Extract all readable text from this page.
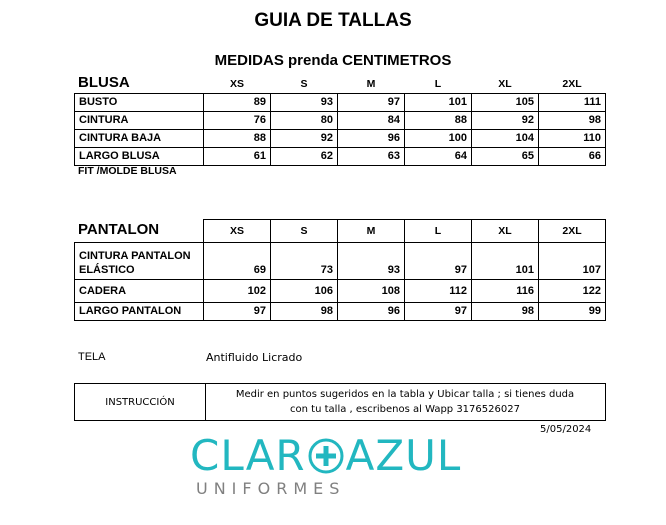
GUIA DE TALLAS
MEDIDAS prenda CENTIMETROS
BLUSA
		XS	S	M	L	XL	2XL
BUSTO	89	93	97	101	105	111
CINTURA	76	80	84	88	92	98
CINTURA BAJA	88	92	96	100	104	110
LARGO BLUSA	61	62	63	64	65	66
FIT /MOLDE BLUSA
PANTALON
		XS	S	M	L	XL	2XL
CINTURA PANTALON
ELÁSTICO	69	73	93	97	101	107
CADERA	102	106	108	112	116	122
LARGO PANTALON	97	98	96	97	98	99
TELA	Antifluido Licrado
INSTRUCCIÓN
Medir en puntos sugeridos en la tabla y Ubicar talla ; si tienes duda
con tu talla , escribenos al Wapp 3176526027
5/05/2024
CLAR AZUL
UNIFORMES
